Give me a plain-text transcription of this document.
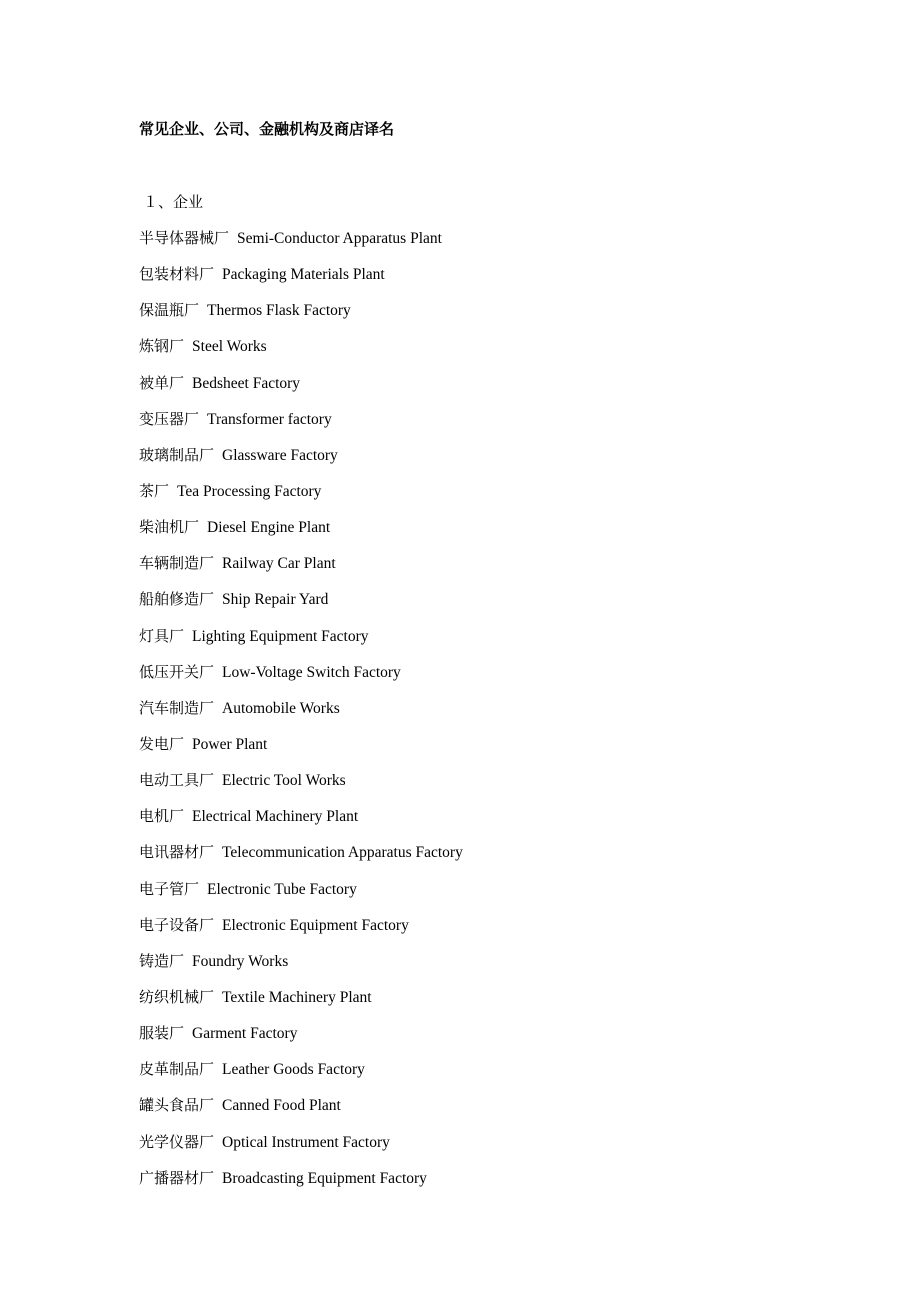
常见企业、公司、金融机构及商店译名
１、企业
半导体器械厂 Semi-Conductor Apparatus Plant
包装材料厂 Packaging Materials Plant
保温瓶厂 Thermos Flask Factory
炼钢厂 Steel Works
被单厂 Bedsheet Factory
变压器厂 Transformer factory
玻璃制品厂 Glassware Factory
茶厂 Tea Processing Factory
柴油机厂 Diesel Engine Plant
车辆制造厂 Railway Car Plant
船舶修造厂 Ship Repair Yard
灯具厂 Lighting Equipment Factory
低压开关厂 Low-Voltage Switch Factory
汽车制造厂 Automobile Works
发电厂 Power Plant
电动工具厂 Electric Tool Works
电机厂 Electrical Machinery Plant
电讯器材厂 Telecommunication Apparatus Factory
电子管厂 Electronic Tube Factory
电子设备厂 Electronic Equipment Factory
铸造厂 Foundry Works
纺织机械厂 Textile Machinery Plant
服装厂 Garment Factory
皮革制品厂 Leather Goods Factory
罐头食品厂 Canned Food Plant
光学仪器厂 Optical Instrument Factory
广播器材厂 Broadcasting Equipment Factory
